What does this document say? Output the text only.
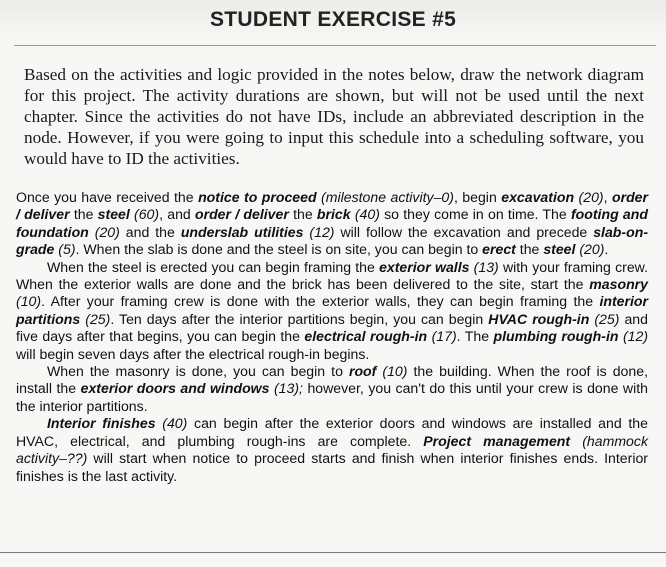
STUDENT EXERCISE #5
Based on the activities and logic provided in the notes below, draw the network diagram for this project. The activity durations are shown, but will not be used until the next chapter. Since the activities do not have IDs, include an abbreviated description in the node. However, if you were going to input this schedule into a scheduling software, you would have to ID the activities.

Once you have received the notice to proceed (milestone activity–0), begin excavation (20), order / deliver the steel (60), and order / deliver the brick (40) so they come in on time. The footing and foundation (20) and the underslab utilities (12) will follow the excavation and precede slab-on-grade (5). When the slab is done and the steel is on site, you can begin to erect the steel (20).

When the steel is erected you can begin framing the exterior walls (13) with your framing crew. When the exterior walls are done and the brick has been delivered to the site, start the masonry (10). After your framing crew is done with the exterior walls, they can begin framing the interior partitions (25). Ten days after the interior partitions begin, you can begin HVAC rough-in (25) and five days after that begins, you can begin the electrical rough-in (17). The plumbing rough-in (12) will begin seven days after the electrical rough-in begins.

When the masonry is done, you can begin to roof (10) the building. When the roof is done, install the exterior doors and windows (13); however, you can't do this until your crew is done with the interior partitions.

Interior finishes (40) can begin after the exterior doors and windows are installed and the HVAC, electrical, and plumbing rough-ins are complete. Project management (hammock activity–??) will start when notice to proceed starts and finish when interior finishes ends. Interior finishes is the last activity.
